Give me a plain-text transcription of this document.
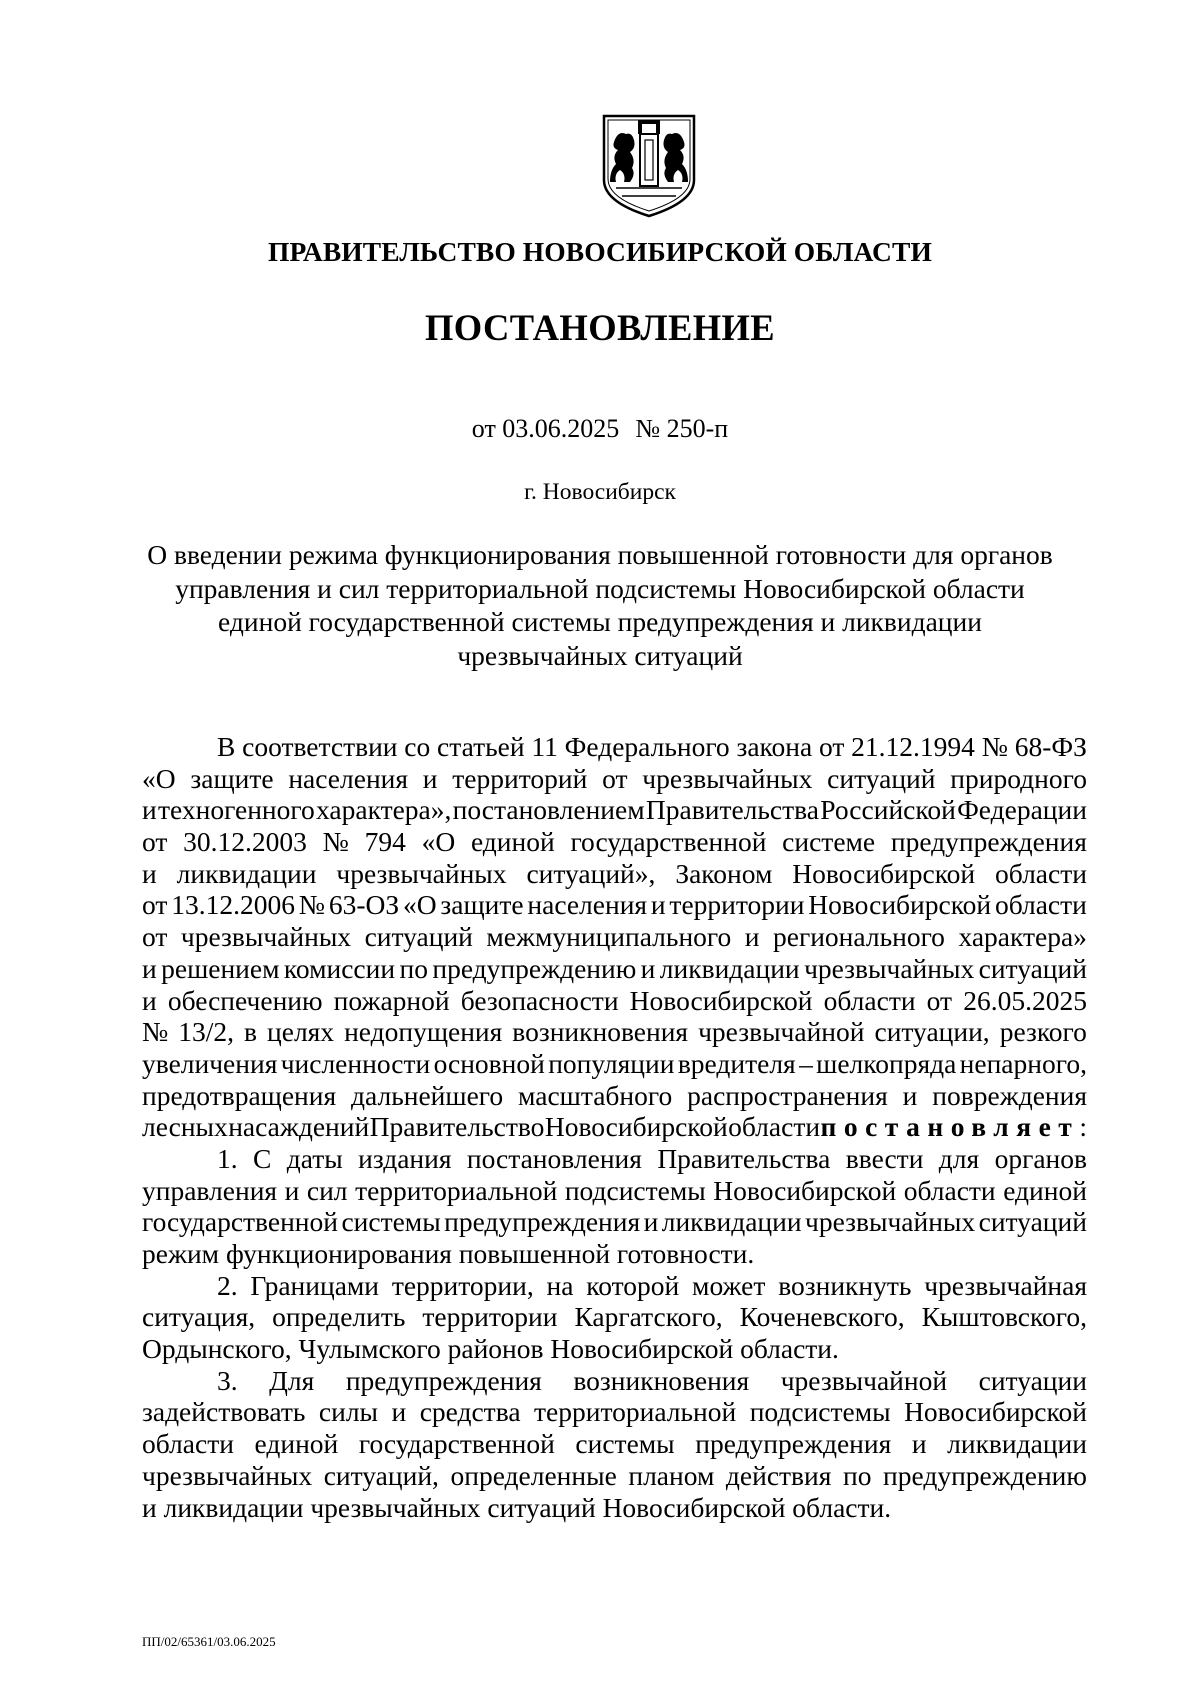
ПРАВИТЕЛЬСТВО НОВОСИБИРСКОЙ ОБЛАСТИ
ПОСТАНОВЛЕНИЕ
от 03.06.2025 № 250-п
г. Новосибирск
О введении режима функционирования повышенной готовности для органов
управления и сил территориальной подсистемы Новосибирской области
единой государственной системы предупреждения и ликвидации
чрезвычайных ситуаций
В соответствии со статьей 11 Федерального закона от 21.12.1994 № 68-ФЗ
«О защите населения и территорий от чрезвычайных ситуаций природного
и техногенного характера», постановлением Правительства Российской Федерации
от 30.12.2003 № 794 «О единой государственной системе предупреждения
и ликвидации чрезвычайных ситуаций», Законом Новосибирской области
от 13.12.2006 № 63-ОЗ «О защите населения и территории Новосибирской области
от чрезвычайных ситуаций межмуниципального и регионального характера»
и решением комиссии по предупреждению и ликвидации чрезвычайных ситуаций
и обеспечению пожарной безопасности Новосибирской области от 26.05.2025
№ 13/2, в целях недопущения возникновения чрезвычайной ситуации, резкого
увеличения численности основной популяции вредителя – шелкопряда непарного,
предотвращения дальнейшего масштабного распространения и повреждения
лесных насаждений Правительство Новосибирской области постановляет:
1. С даты издания постановления Правительства ввести для органов
управления и сил территориальной подсистемы Новосибирской области единой
государственной системы предупреждения и ликвидации чрезвычайных ситуаций
режим функционирования повышенной готовности.
2. Границами территории, на которой может возникнуть чрезвычайная
ситуация, определить территории Каргатского, Коченевского, Кыштовского,
Ордынского, Чулымского районов Новосибирской области.
3. Для предупреждения возникновения чрезвычайной ситуации
задействовать силы и средства территориальной подсистемы Новосибирской
области единой государственной системы предупреждения и ликвидации
чрезвычайных ситуаций, определенные планом действия по предупреждению
и ликвидации чрезвычайных ситуаций Новосибирской области.
ПП/02/65361/03.06.2025
